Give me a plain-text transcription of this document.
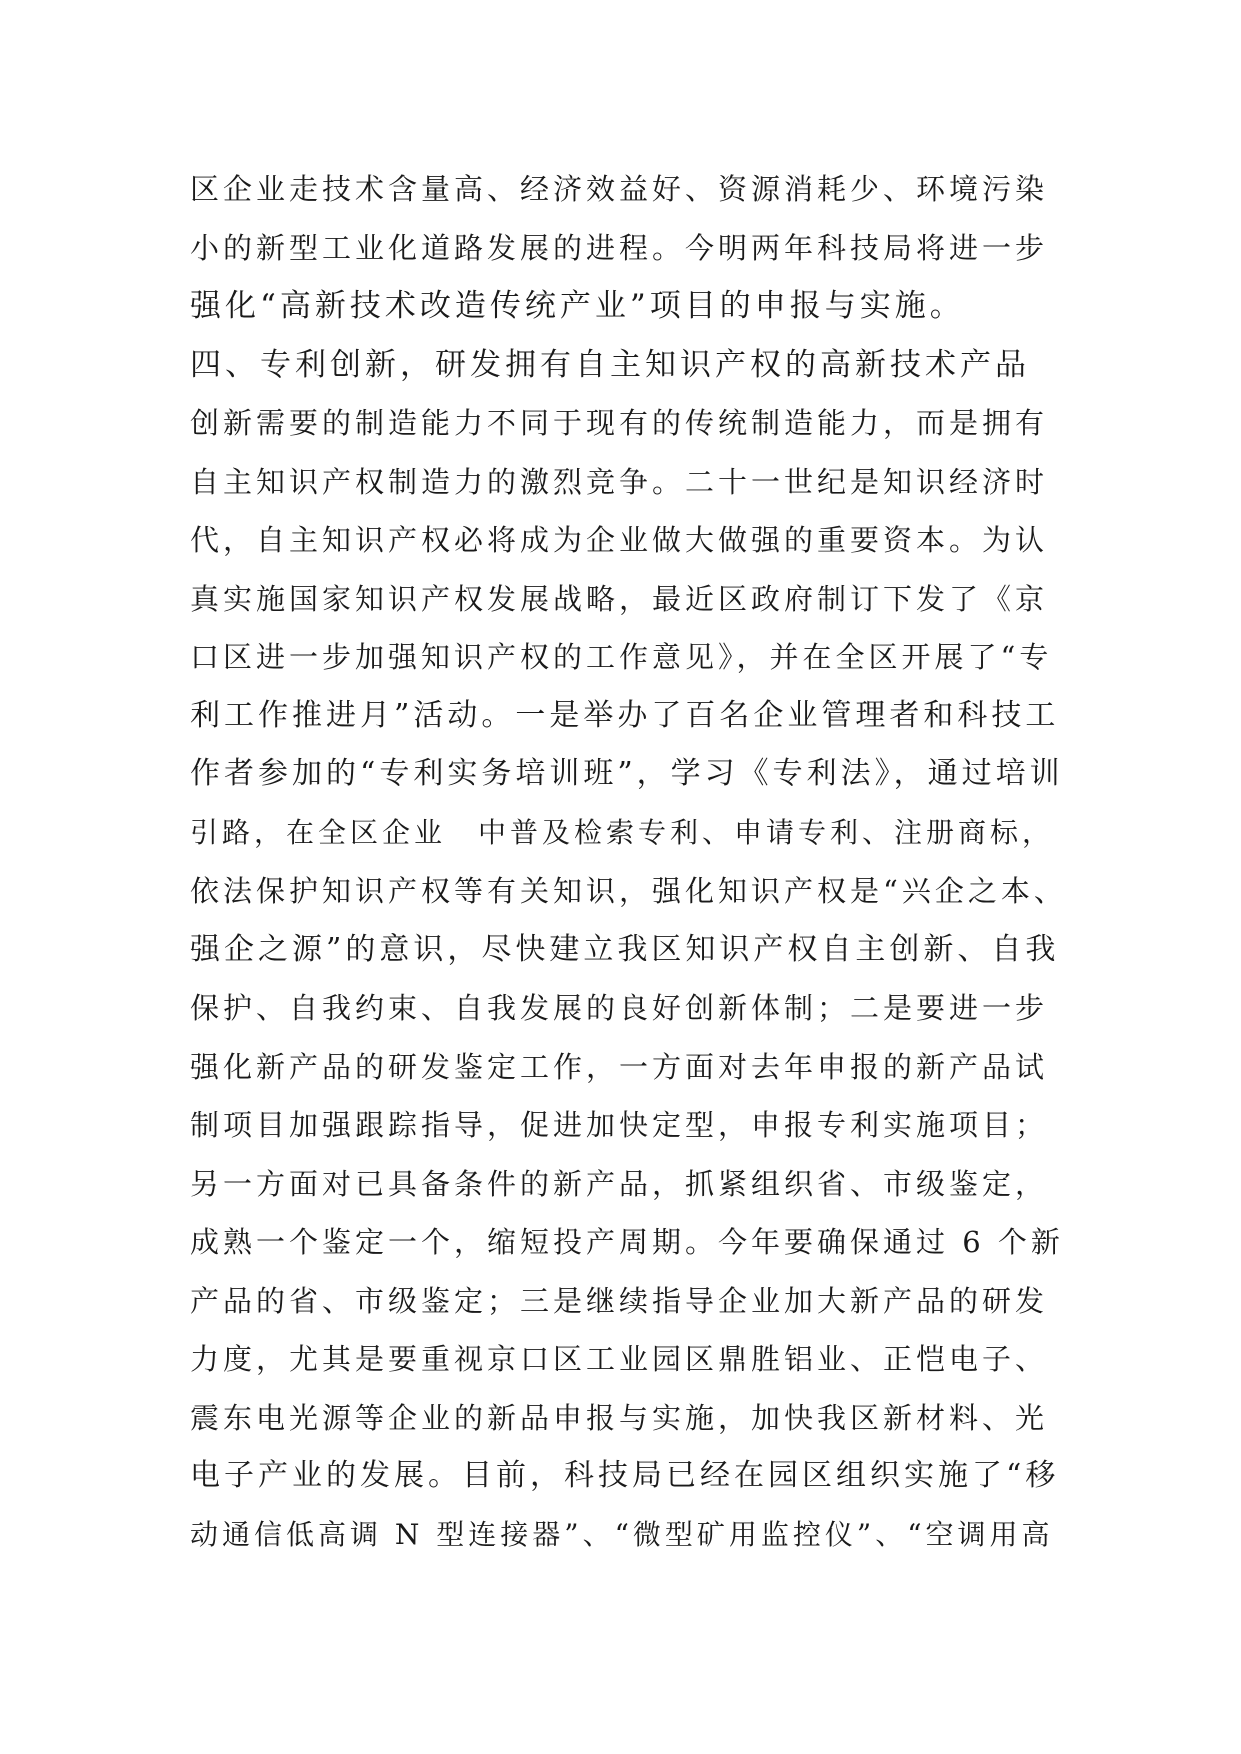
区企业走技术含量高、经济效益好、资源消耗少、环境污染
小的新型工业化道路发展的进程。今明两年科技局将进一步
强化“高新技术改造传统产业”项目的申报与实施。
四、专利创新，研发拥有自主知识产权的高新技术产品
创新需要的制造能力不同于现有的传统制造能力，而是拥有
自主知识产权制造力的激烈竞争。二十一世纪是知识经济时
代，自主知识产权必将成为企业做大做强的重要资本。为认
真实施国家知识产权发展战略，最近区政府制订下发了《京
口区进一步加强知识产权的工作意见》，并在全区开展了“专
利工作推进月”活动。一是举办了百名企业管理者和科技工
作者参加的“专利实务培训班”，学习《专利法》，通过培训
引路，在全区企业　中普及检索专利、申请专利、注册商标，
依法保护知识产权等有关知识，强化知识产权是“兴企之本、
强企之源”的意识，尽快建立我区知识产权自主创新、自我
保护、自我约束、自我发展的良好创新体制；二是要进一步
强化新产品的研发鉴定工作，一方面对去年申报的新产品试
制项目加强跟踪指导，促进加快定型，申报专利实施项目；
另一方面对已具备条件的新产品，抓紧组织省、市级鉴定，
成熟一个鉴定一个，缩短投产周期。今年要确保通过 6 个新
产品的省、市级鉴定；三是继续指导企业加大新产品的研发
力度，尤其是要重视京口区工业园区鼎胜铝业、正恺电子、
震东电光源等企业的新品申报与实施，加快我区新材料、光
电子产业的发展。目前，科技局已经在园区组织实施了“移
动通信低高调 N 型连接器”、“微型矿用监控仪”、“空调用高
